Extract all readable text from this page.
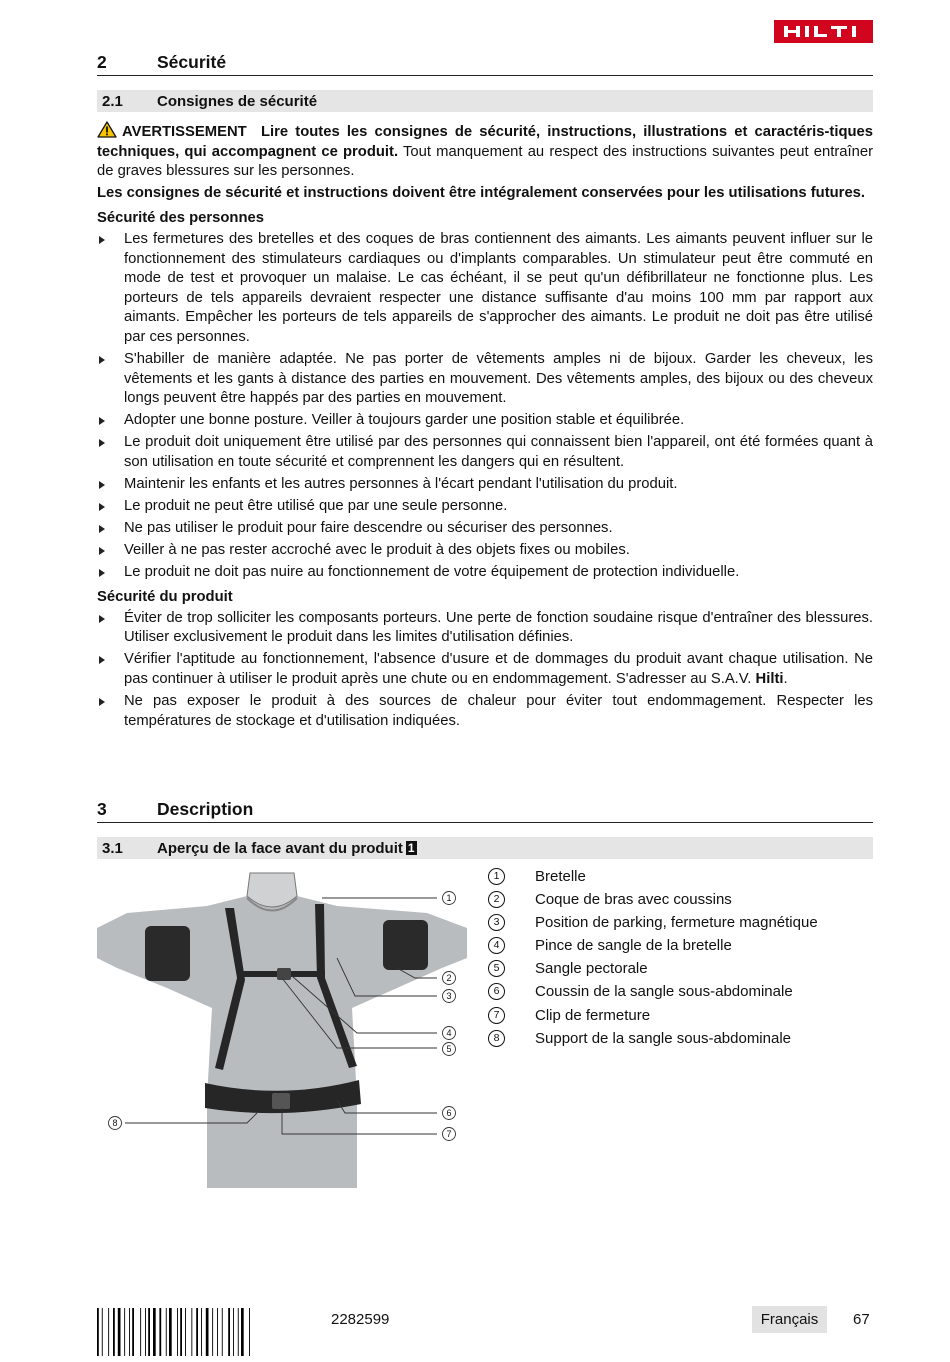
2	Sécurité
2.1 Consignes de sécurité

AVERTISSEMENT Lire toutes les consignes de sécurité, instructions, illustrations et caractéris-tiques techniques, qui accompagnent ce produit. Tout manquement au respect des instructions suivantes peut entraîner de graves blessures sur les personnes.

Les consignes de sécurité et instructions doivent être intégralement conservées pour les utilisations futures.

Sécurité des personnes
Les fermetures des bretelles et des coques de bras contiennent des aimants. Les aimants peuvent influer sur le fonctionnement des stimulateurs cardiaques ou d'implants comparables. Un stimulateur peut être commuté en mode de test et provoquer un malaise. Le cas échéant, il se peut qu'un défibrillateur ne fonctionne plus. Les porteurs de tels appareils devraient respecter une distance suffisante d'au moins 100 mm par rapport aux aimants. Empêcher les porteurs de tels appareils de s'approcher des aimants. Le produit ne doit pas être utilisé par ces personnes.
S'habiller de manière adaptée. Ne pas porter de vêtements amples ni de bijoux. Garder les cheveux, les vêtements et les gants à distance des parties en mouvement. Des vêtements amples, des bijoux ou des cheveux longs peuvent être happés par des parties en mouvement.
Adopter une bonne posture. Veiller à toujours garder une position stable et équilibrée.
Le produit doit uniquement être utilisé par des personnes qui connaissent bien l'appareil, ont été formées quant à son utilisation en toute sécurité et comprennent les dangers qui en résultent.
Maintenir les enfants et les autres personnes à l'écart pendant l'utilisation du produit.
Le produit ne peut être utilisé que par une seule personne.
Ne pas utiliser le produit pour faire descendre ou sécuriser des personnes.
Veiller à ne pas rester accroché avec le produit à des objets fixes ou mobiles.
Le produit ne doit pas nuire au fonctionnement de votre équipement de protection individuelle.
Sécurité du produit
Éviter de trop solliciter les composants porteurs. Une perte de fonction soudaine risque d'entraîner des blessures. Utiliser exclusivement le produit dans les limites d'utilisation définies.
Vérifier l'aptitude au fonctionnement, l'absence d'usure et de dommages du produit avant chaque utilisation. Ne pas continuer à utiliser le produit après une chute ou en endommagement. S'adresser au S.A.V. Hilti.
Ne pas exposer le produit à des sources de chaleur pour éviter tout endommagement. Respecter les températures de stockage et d'utilisation indiquées.
3	Description
3.1 Aperçu de la face avant du produit 1
1
2
3
4
5
6
7
8
1	Bretelle
2	Coque de bras avec coussins
3	Position de parking, fermeture magnétique
4	Pince de sangle de la bretelle
5	Sangle pectorale
6	Coussin de la sangle sous-abdominale
7	Clip de fermeture
8	Support de la sangle sous-abdominale
2282599	Français	67
